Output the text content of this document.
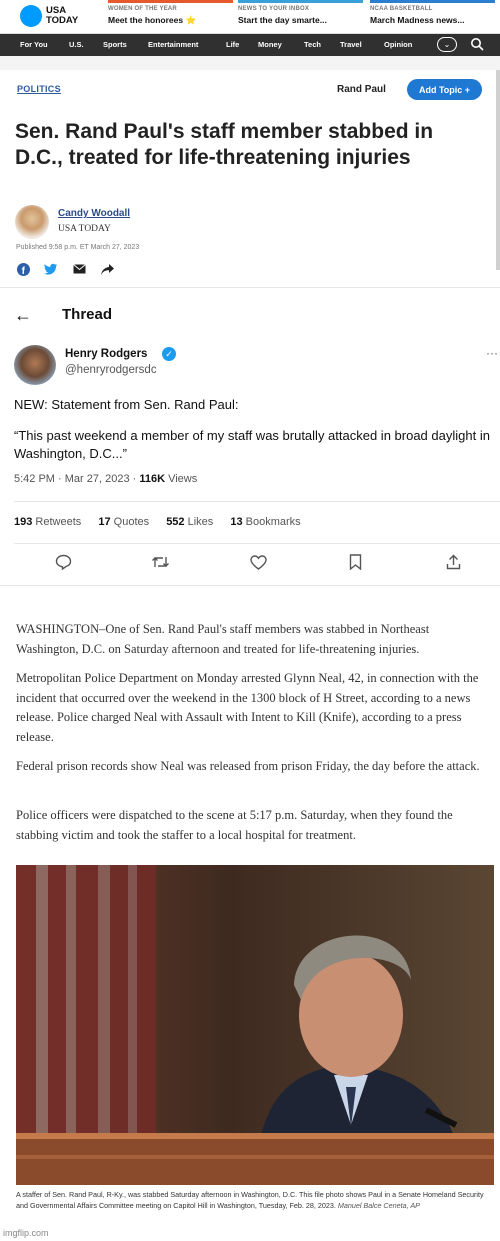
USA
TODAY
WOMEN OF THE YEAR
Meet the honorees ⭐
NEWS TO YOUR INBOX
Start the day smarte...
NCAA BASKETBALL
March Madness news...
For You	U.S.	Sports	Entertainment	Life Money	Tech	Travel	Opinion	⌄
POLITICS	Rand Paul	Add Topic +
Sen. Rand Paul's staff member stabbed in D.C., treated for life-threatening injuries
Candy Woodall
USA TODAY
Published 9:58 p.m. ET March 27, 2023
f
← Thread
Henry Rodgers	✓
@henryrodgersdc
···
NEW: Statement from Sen. Rand Paul:
“This past weekend a member of my staff was brutally attacked in broad daylight in Washington, D.C...”
5:42 PM · Mar 27, 2023 · 116K Views
193 Retweets 17 Quotes 552 Likes 13 Bookmarks
WASHINGTON–One of Sen. Rand Paul's staff members was stabbed in Northeast Washington, D.C. on Saturday afternoon and treated for life-threatening injuries.
Metropolitan Police Department on Monday arrested Glynn Neal, 42, in connection with the incident that occurred over the weekend in the 1300 block of H Street, according to a news release. Police charged Neal with Assault with Intent to Kill (Knife), according to a press release.
Federal prison records show Neal was released from prison Friday, the day before the attack.
Police officers were dispatched to the scene at 5:17 p.m. Saturday, when they found the stabbing victim and took the staffer to a local hospital for treatment.
A staffer of Sen. Rand Paul, R-Ky., was stabbed Saturday afternoon in Washington, D.C. This file photo shows Paul in a Senate Homeland Security and Governmental Affairs Committee meeting on Capitol Hill in Washington, Tuesday, Feb. 28, 2023. Manuel Balce Ceneta, AP
imgflip.com
